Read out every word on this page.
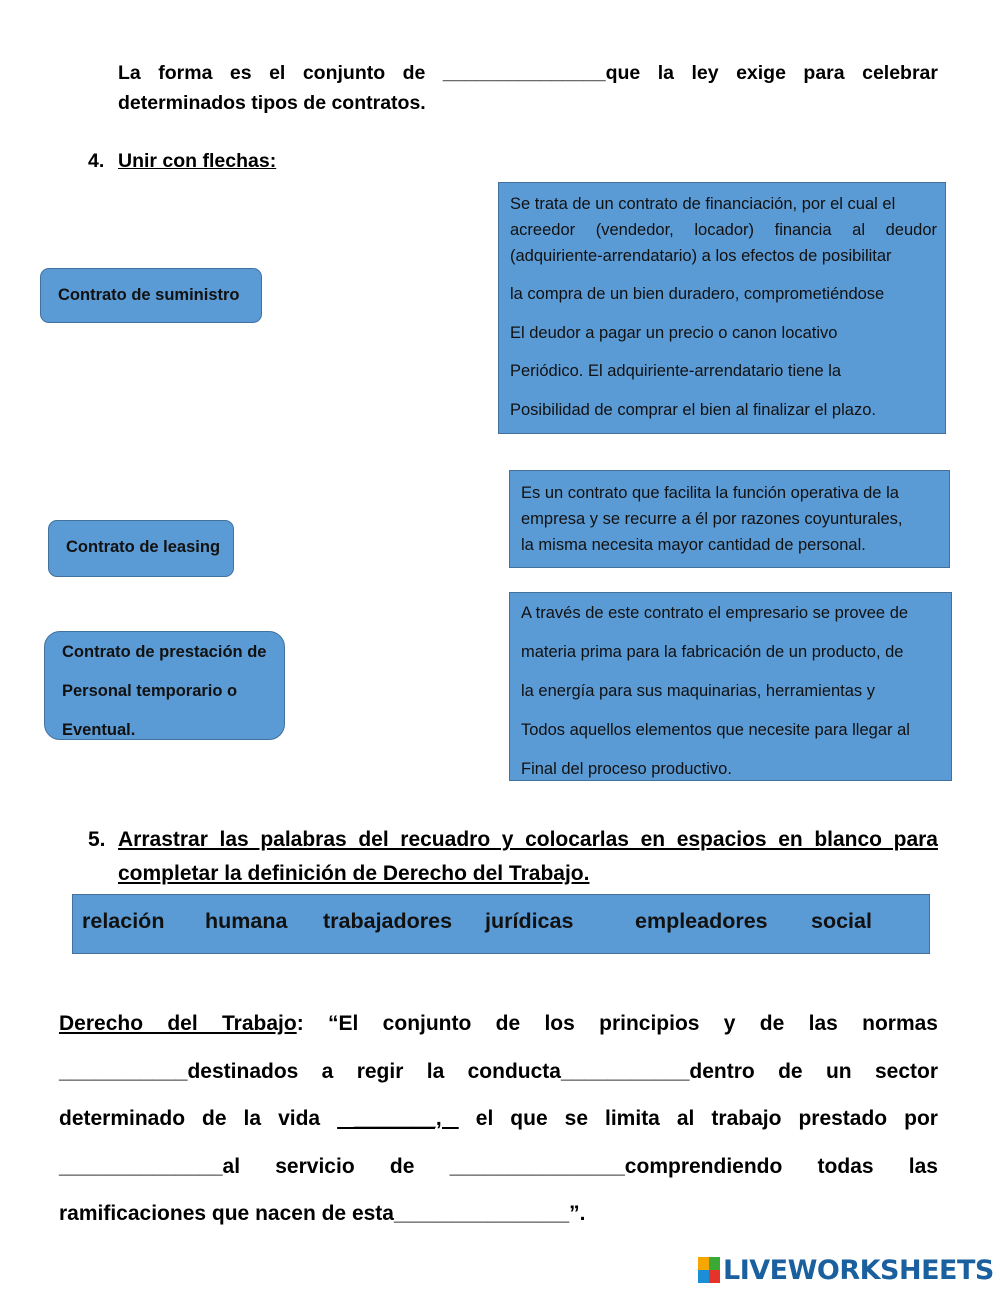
La forma es el conjunto de _______________que la ley exige para celebrar
determinados tipos de contratos.
4. Unir con flechas:
Contrato de suministro
Contrato de leasing
Contrato de prestación de
Personal temporario o
Eventual.
Se trata de un contrato de financiación, por el cual el
acreedor (vendedor, locador) financia al deudor
(adquiriente-arrendatario) a los efectos de posibilitar
la compra de un bien duradero, comprometiéndose
El deudor a pagar un precio o canon locativo
Periódico. El adquiriente-arrendatario tiene la
Posibilidad de comprar el bien al finalizar el plazo.
Es un contrato que facilita la función operativa de la
empresa y se recurre a él por razones coyunturales,
la misma necesita mayor cantidad de personal.
A través de este contrato el empresario se provee de
materia prima para la fabricación de un producto, de
la energía para sus maquinarias, herramientas y
Todos aquellos elementos que necesite para llegar al
Final del proceso productivo.
5. Arrastrar las palabras del recuadro y colocarlas en espacios en blanco para
completar la definición de Derecho del Trabajo.
relación humana trabajadores jurídicas	empleadores social
Derecho del Trabajo: “El conjunto de los principios y de las normas
___________destinados a regir la conducta___________dentro de un sector
determinado de la vida  _______,  el que se limita al trabajo prestado por
______________al servicio de _______________comprendiendo todas las
ramificaciones que nacen de esta_______________”.
LIVEWORKSHEETS
